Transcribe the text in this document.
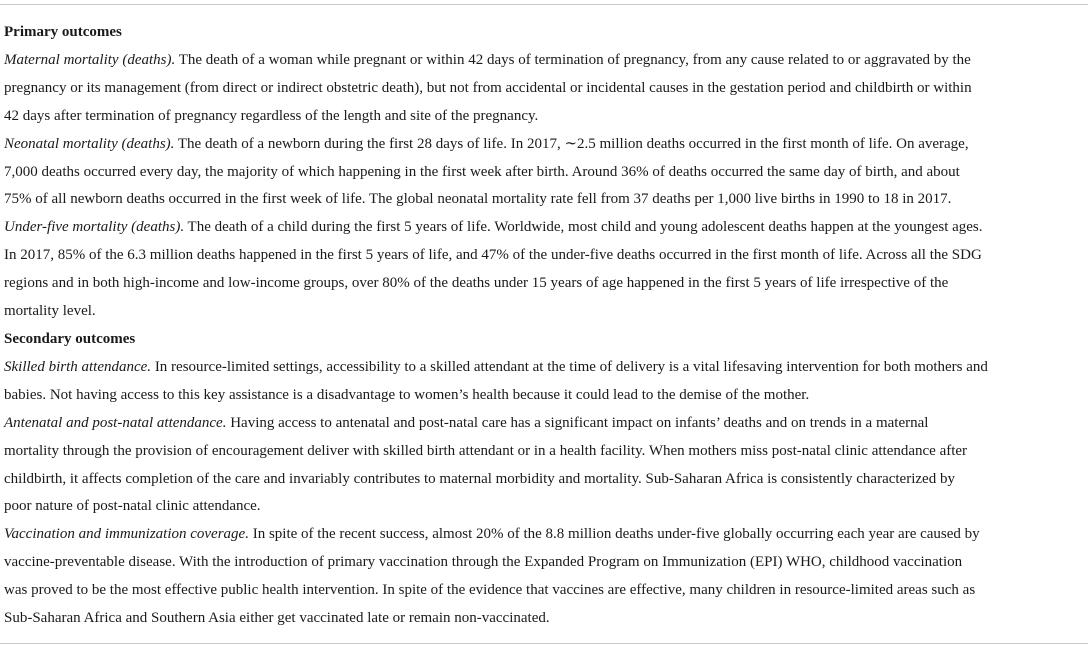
Primary outcomes
Maternal mortality (deaths). The death of a woman while pregnant or within 42 days of termination of pregnancy, from any cause related to or aggravated by the
pregnancy or its management (from direct or indirect obstetric death), but not from accidental or incidental causes in the gestation period and childbirth or within
42 days after termination of pregnancy regardless of the length and site of the pregnancy.
Neonatal mortality (deaths). The death of a newborn during the first 28 days of life. In 2017, ∼2.5 million deaths occurred in the first month of life. On average,
7,000 deaths occurred every day, the majority of which happening in the first week after birth. Around 36% of deaths occurred the same day of birth, and about
75% of all newborn deaths occurred in the first week of life. The global neonatal mortality rate fell from 37 deaths per 1,000 live births in 1990 to 18 in 2017.
Under-five mortality (deaths). The death of a child during the first 5 years of life. Worldwide, most child and young adolescent deaths happen at the youngest ages.
In 2017, 85% of the 6.3 million deaths happened in the first 5 years of life, and 47% of the under-five deaths occurred in the first month of life. Across all the SDG
regions and in both high-income and low-income groups, over 80% of the deaths under 15 years of age happened in the first 5 years of life irrespective of the
mortality level.
Secondary outcomes
Skilled birth attendance. In resource-limited settings, accessibility to a skilled attendant at the time of delivery is a vital lifesaving intervention for both mothers and
babies. Not having access to this key assistance is a disadvantage to women’s health because it could lead to the demise of the mother.
Antenatal and post-natal attendance. Having access to antenatal and post-natal care has a significant impact on infants’ deaths and on trends in a maternal
mortality through the provision of encouragement deliver with skilled birth attendant or in a health facility. When mothers miss post-natal clinic attendance after
childbirth, it affects completion of the care and invariably contributes to maternal morbidity and mortality. Sub-Saharan Africa is consistently characterized by
poor nature of post-natal clinic attendance.
Vaccination and immunization coverage. In spite of the recent success, almost 20% of the 8.8 million deaths under-five globally occurring each year are caused by
vaccine-preventable disease. With the introduction of primary vaccination through the Expanded Program on Immunization (EPI) WHO, childhood vaccination
was proved to be the most effective public health intervention. In spite of the evidence that vaccines are effective, many children in resource-limited areas such as
Sub-Saharan Africa and Southern Asia either get vaccinated late or remain non-vaccinated.
